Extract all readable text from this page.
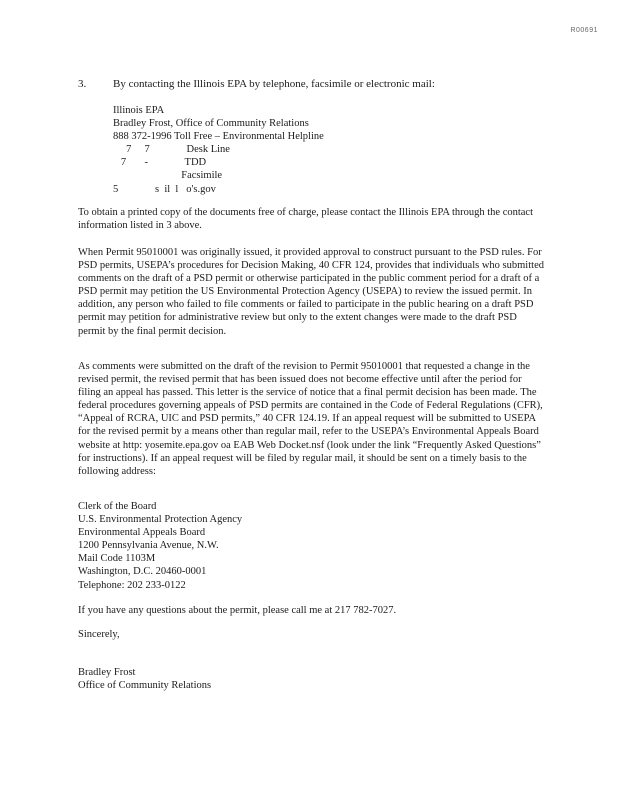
R00691
3. By contacting the Illinois EPA by telephone, facsimile or electronic mail:
Illinois EPA
Bradley Frost, Office of Community Relations
888 372-1996 Toll Free – Environmental Helpline
7     7              Desk Line
7       -              TDD
Facsimile
5              s  il  l   o's.gov

To obtain a printed copy of the documents free of charge, please contact the Illinois EPA through the contact information listed in 3 above.

When Permit 95010001 was originally issued, it provided approval to construct pursuant to the PSD rules. For PSD permits, USEPA’s procedures for Decision Making, 40 CFR 124, provides that individuals who submitted comments on the draft of a PSD permit or otherwise participated in the public comment period for a draft of a PSD permit may petition the US Environmental Protection Agency (USEPA) to review the issued permit. In addition, any person who failed to file comments or failed to participate in the public hearing on a draft PSD permit may petition for administrative review but only to the extent changes were made to the draft PSD permit by the final permit decision.

As comments were submitted on the draft of the revision to Permit 95010001 that requested a change in the revised permit, the revised permit that has been issued does not become effective until after the period for filing an appeal has passed. This letter is the service of notice that a final permit decision has been made. The federal procedures governing appeals of PSD permits are contained in the Code of Federal Regulations (CFR), “Appeal of RCRA, UIC and PSD permits,” 40 CFR 124.19. If an appeal request will be submitted to USEPA for the revised permit by a means other than regular mail, refer to the USEPA’s Environmental Appeals Board website at http: yosemite.epa.gov oa EAB Web Docket.nsf (look under the link “Frequently Asked Questions” for instructions). If an appeal request will be filed by regular mail, it should be sent on a timely basis to the following address:

Clerk of the Board
U.S. Environmental Protection Agency
Environmental Appeals Board
1200 Pennsylvania Avenue, N.W.
Mail Code 1103M
Washington, D.C. 20460-0001
Telephone: 202 233-0122

If you have any questions about the permit, please call me at 217 782-7027.

Sincerely,
Bradley Frost
Office of Community Relations
